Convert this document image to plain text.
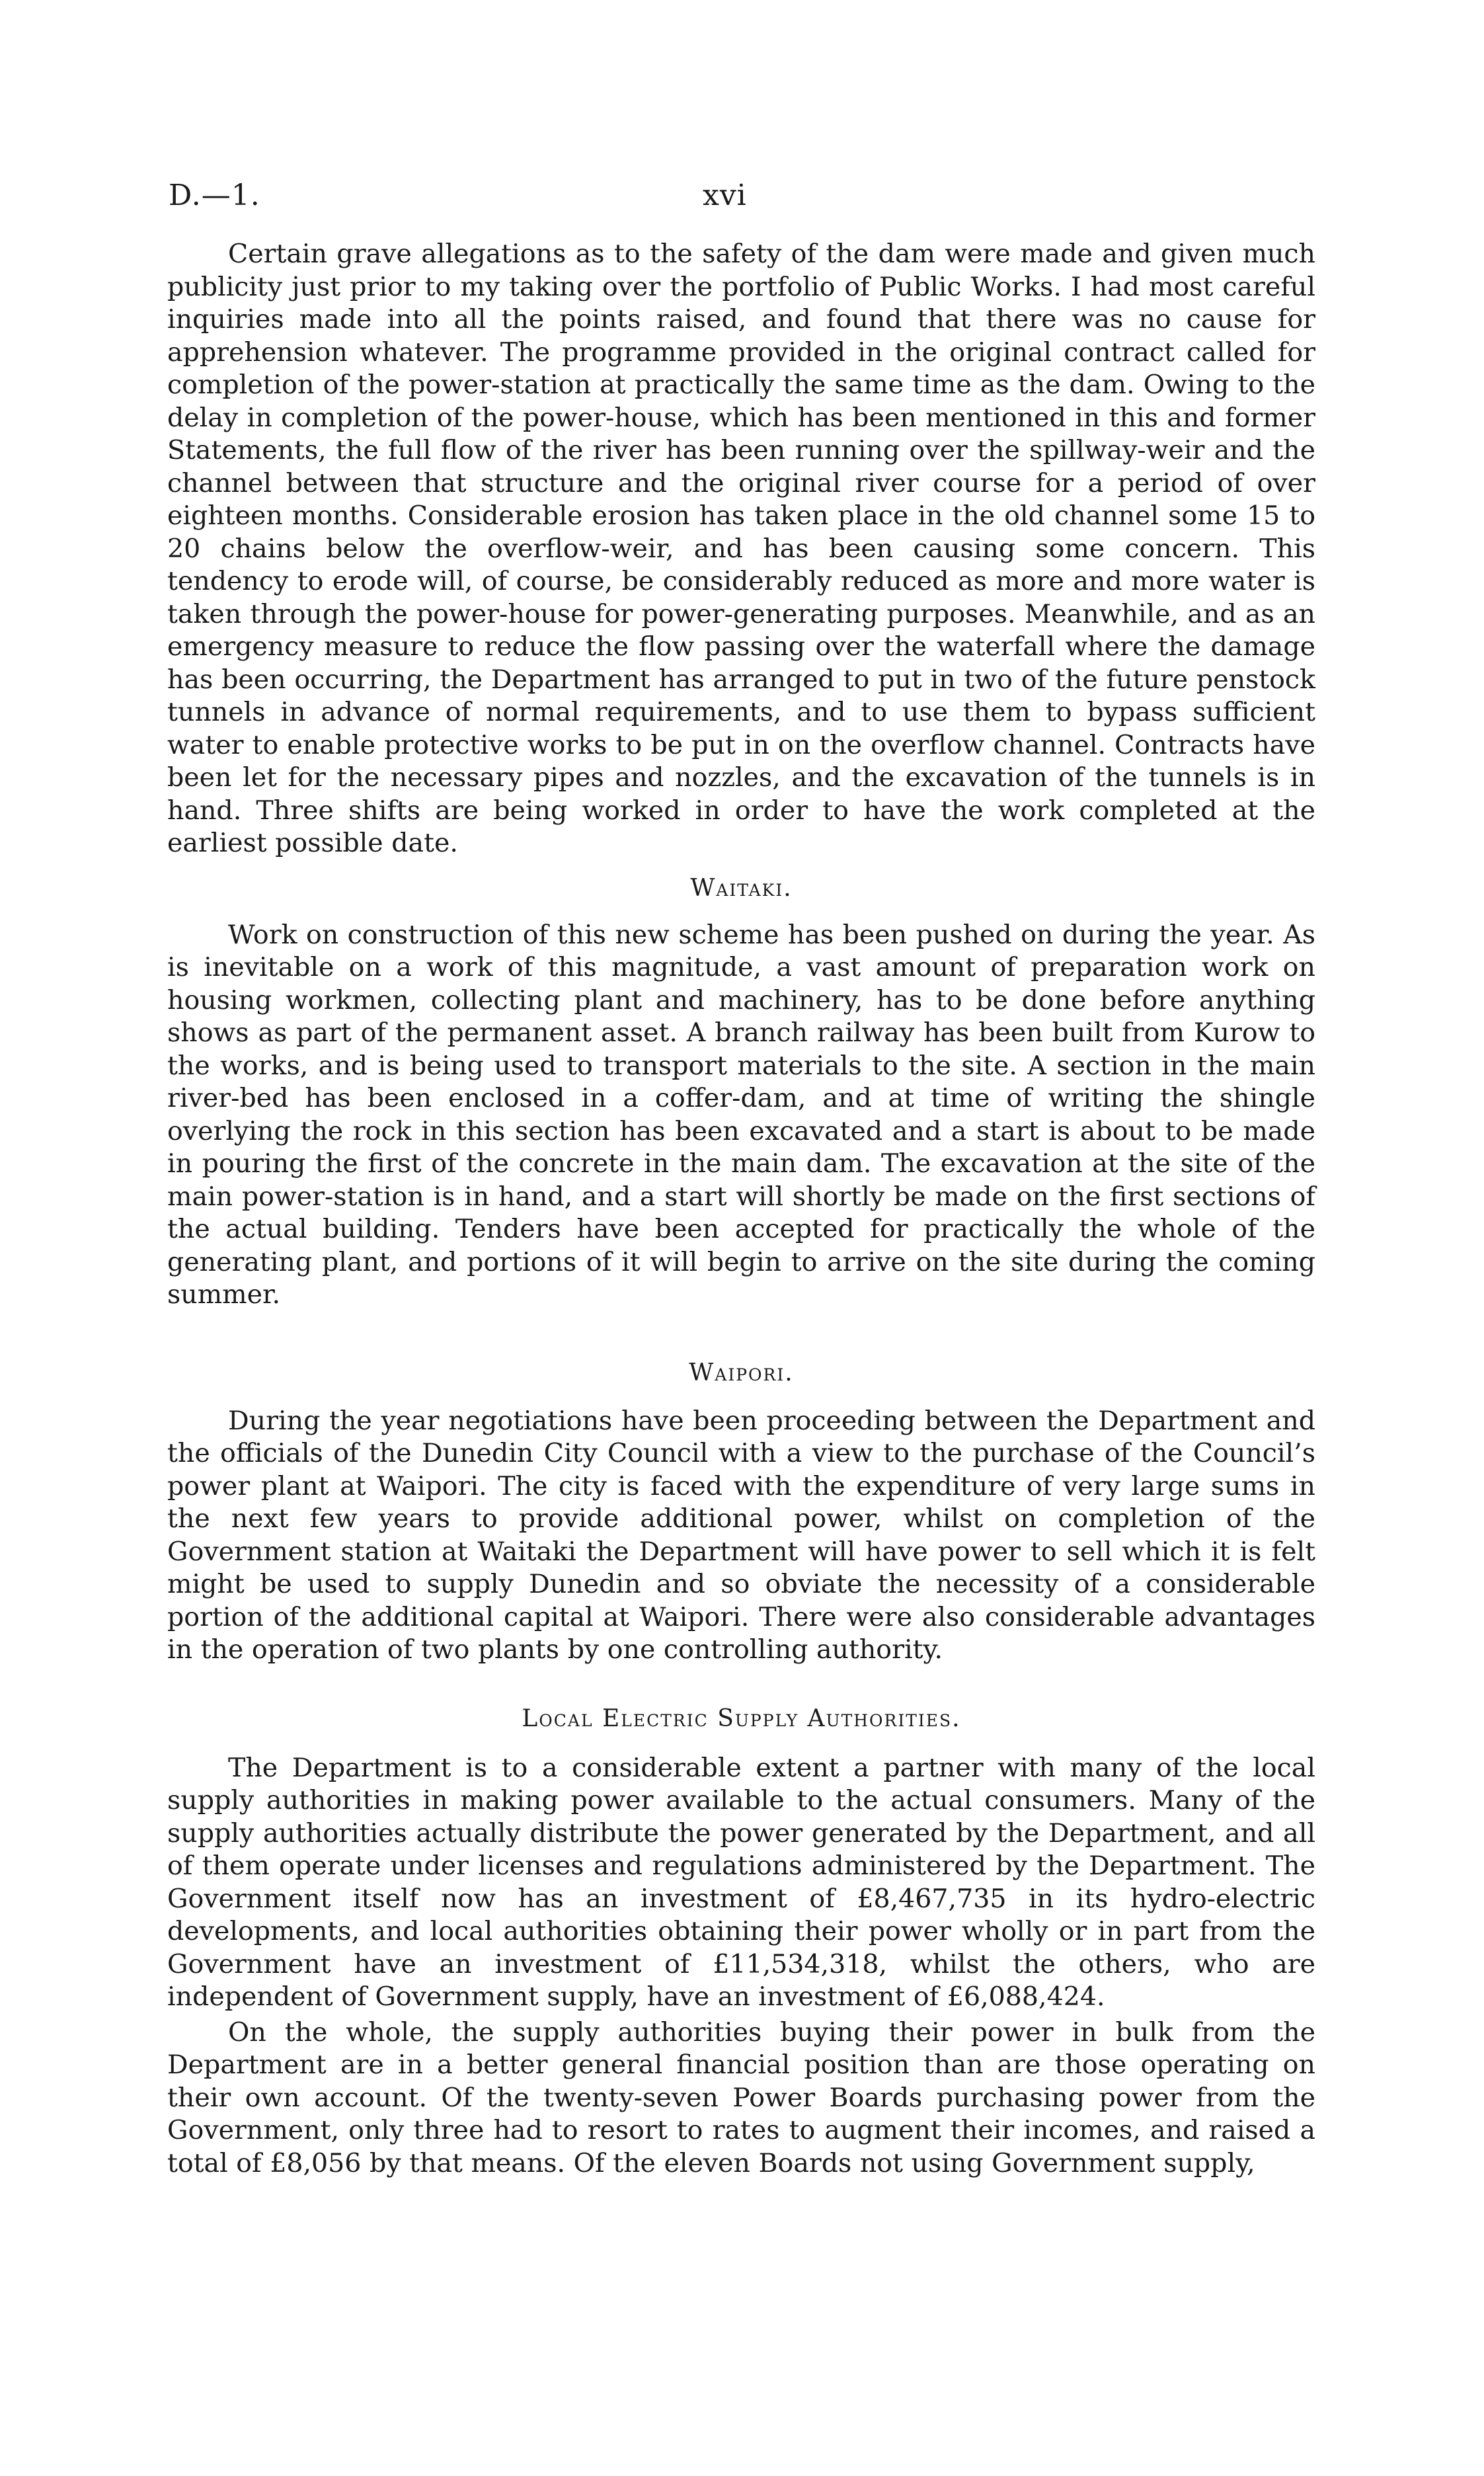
D.—1.	xvi

Certain grave allegations as to the safety of the dam were made and given much publicity just prior to my taking over the portfolio of Public Works. I had most careful inquiries made into all the points raised, and found that there was no cause for apprehension whatever. The programme provided in the original contract called for completion of the power-station at practically the same time as the dam. Owing to the delay in completion of the power-house, which has been mentioned in this and former Statements, the full flow of the river has been running over the spillway-weir and the channel between that structure and the original river course for a period of over eighteen months. Considerable erosion has taken place in the old channel some 15 to 20 chains below the overflow-weir, and has been causing some concern. This tendency to erode will, of course, be considerably reduced as more and more water is taken through the power-house for power-generating purposes. Meanwhile, and as an emergency measure to reduce the flow passing over the waterfall where the damage has been occurring, the Department has arranged to put in two of the future penstock tunnels in advance of normal requirements, and to use them to bypass sufficient water to enable protective works to be put in on the overflow channel. Contracts have been let for the necessary pipes and nozzles, and the excavation of the tunnels is in hand. Three shifts are being worked in order to have the work completed at the earliest possible date.

Waitaki.

Work on construction of this new scheme has been pushed on during the year. As is inevitable on a work of this magnitude, a vast amount of preparation work on housing workmen, collecting plant and machinery, has to be done before anything shows as part of the permanent asset. A branch railway has been built from Kurow to the works, and is being used to transport materials to the site. A section in the main river-bed has been enclosed in a coffer-dam, and at time of writing the shingle overlying the rock in this section has been excavated and a start is about to be made in pouring the first of the concrete in the main dam. The excavation at the site of the main power-station is in hand, and a start will shortly be made on the first sections of the actual building. Tenders have been accepted for practically the whole of the generating plant, and portions of it will begin to arrive on the site during the coming summer.

Waipori.

During the year negotiations have been proceeding between the Department and the officials of the Dunedin City Council with a view to the purchase of the Council’s power plant at Waipori. The city is faced with the expenditure of very large sums in the next few years to provide additional power, whilst on completion of the Government station at Waitaki the Department will have power to sell which it is felt might be used to supply Dunedin and so obviate the necessity of a considerable portion of the additional capital at Waipori. There were also considerable advantages in the operation of two plants by one controlling authority.

Local Electric Supply Authorities.

The Department is to a considerable extent a partner with many of the local supply authorities in making power available to the actual consumers. Many of the supply authorities actually distribute the power generated by the Department, and all of them operate under licenses and regulations administered by the Department. The Government itself now has an investment of £8,467,735 in its hydro-electric developments, and local authorities obtaining their power wholly or in part from the Government have an investment of £11,534,318, whilst the others, who are independent of Government supply, have an investment of £6,088,424.

On the whole, the supply authorities buying their power in bulk from the Department are in a better general financial position than are those operating on their own account. Of the twenty-seven Power Boards purchasing power from the Government, only three had to resort to rates to augment their incomes, and raised a total of £8,056 by that means. Of the eleven Boards not using Government supply,
